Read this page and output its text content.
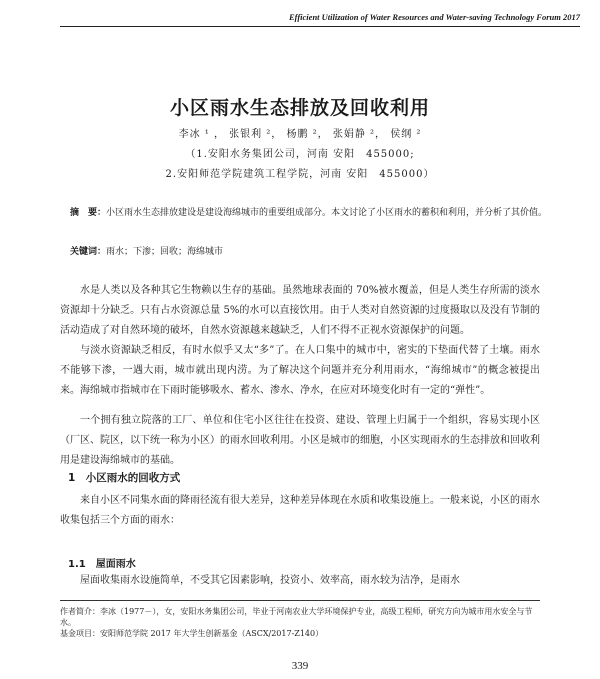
Efficient Utilization of Water Resources and Water-saving Technology Forum 2017
小区雨水生态排放及回收利用
李冰 ¹ ， 张银利 ²， 杨鹏 ²， 张娟静 ²， 侯纲 ²
（1.安阳水务集团公司，河南 安阳　455000;
2.安阳师范学院建筑工程学院，河南 安阳　455000）
摘　要：小区雨水生态排放建设是建设海绵城市的重要组成部分。本文讨论了小区雨水的蓄积和利用，并分析了其价值。
关键词：雨水；下渗；回收；海绵城市
水是人类以及各种其它生物赖以生存的基础。虽然地球表面的 70%被水覆盖，但是人类生存所需的淡水资源却十分缺乏。只有占水资源总量 5%的水可以直接饮用。由于人类对自然资源的过度摄取以及没有节制的活动造成了对自然环境的破坏，自然水资源越来越缺乏，人们不得不正视水资源保护的问题。
与淡水资源缺乏相反，有时水似乎又太“多”了。在人口集中的城市中，密实的下垫面代替了土壤。雨水不能够下渗，一遇大雨，城市就出现内涝。为了解决这个问题并充分利用雨水，“海绵城市”的概念被提出来。海绵城市指城市在下雨时能够吸水、蓄水、渗水、净水，在应对环境变化时有一定的“弹性”。
一个拥有独立院落的工厂、单位和住宅小区往往在投资、建设、管理上归属于一个组织，容易实现小区（厂区、院区，以下统一称为小区）的雨水回收利用。小区是城市的细胞，小区实现雨水的生态排放和回收利用是建设海绵城市的基础。
1　小区雨水的回收方式
来自小区不同集水面的降雨径流有很大差异，这种差异体现在水质和收集设施上。一般来说，小区的雨水收集包括三个方面的雨水：
1.1　屋面雨水
屋面收集雨水设施简单，不受其它因素影响，投资小、效率高，雨水较为洁净，是雨水
作者简介：李冰（1977－），女，安阳水务集团公司，毕业于河南农业大学环境保护专业，高级工程师，研究方向为城市用水安全与节水。
基金项目：安阳师范学院 2017 年大学生创新基金（ASCX/2017-Z140）
339
